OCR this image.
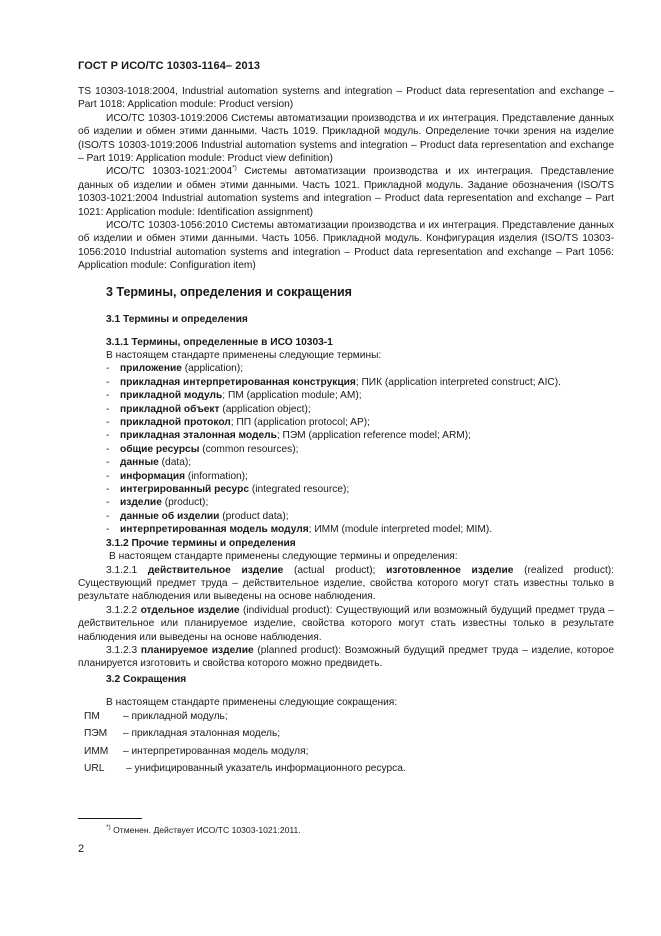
ГОСТ Р ИСО/ТС 10303-1164– 2013

TS 10303-1018:2004, Industrial automation systems and integration – Product data representation and exchange – Part 1018: Application module: Product version)

ИСО/ТС 10303-1019:2006 Системы автоматизации производства и их интеграция. Представление данных об изделии и обмен этими данными. Часть 1019. Прикладной модуль. Определение точки зрения на изделие (ISO/TS 10303-1019:2006 Industrial automation systems and integration – Product data representation and exchange – Part 1019: Application module: Product view definition)

ИСО/ТС 10303-1021:2004*) Системы автоматизации производства и их интеграция. Представление данных об изделии и обмен этими данными. Часть 1021. Прикладной модуль. Задание обозначения (ISO/TS 10303-1021:2004 Industrial automation systems and integration – Product data representation and exchange – Part 1021: Application module: Identification assignment)

ИСО/ТС 10303-1056:2010 Системы автоматизации производства и их интеграция. Представление данных об изделии и обмен этими данными. Часть 1056. Прикладной модуль. Конфигурация изделия (ISO/TS 10303-1056:2010 Industrial automation systems and integration – Product data representation and exchange – Part 1056: Application module: Configuration item)

3 Термины, определения и сокращения
3.1 Термины и определения
3.1.1 Термины, определенные в ИСО 10303-1

В настоящем стандарте применены следующие термины:

- приложение (application);
- прикладная интерпретированная конструкция; ПИК (application interpreted construct; AIC).
- прикладной модуль; ПМ (application module; AM);
- прикладной объект (application object);
- прикладной протокол; ПП (application protocol; AP);
- прикладная эталонная модель; ПЭМ (application reference model; ARM);
- общие ресурсы (common resources);
- данные (data);
- информация (information);
- интегрированный ресурс (integrated resource);
- изделие (product);
- данные об изделии (product data);
- интерпретированная модель модуля; ИММ (module interpreted model; MIM).

3.1.2 Прочие термины и определения

В настоящем стандарте применены следующие термины и определения:

3.1.2.1 действительное изделие (actual product); изготовленное изделие (realized product): Существующий предмет труда – действительное изделие, свойства которого могут стать известны только в результате наблюдения или выведены на основе наблюдения.

3.1.2.2 отдельное изделие (individual product): Существующий или возможный будущий предмет труда – действительное или планируемое изделие, свойства которого могут стать известны только в результате наблюдения или выведены на основе наблюдения.

3.1.2.3 планируемое изделие (planned product): Возможный будущий предмет труда – изделие, которое планируется изготовить и свойства которого можно предвидеть.

3.2 Сокращения
В настоящем стандарте применены следующие сокращения:
ПМ – прикладной модуль;
ПЭМ – прикладная эталонная модель;
ИММ – интерпретированная модель модуля;
URL – унифицированный указатель информационного ресурса.
*) Отменен. Действует ИСО/ТС 10303-1021:2011.
2
